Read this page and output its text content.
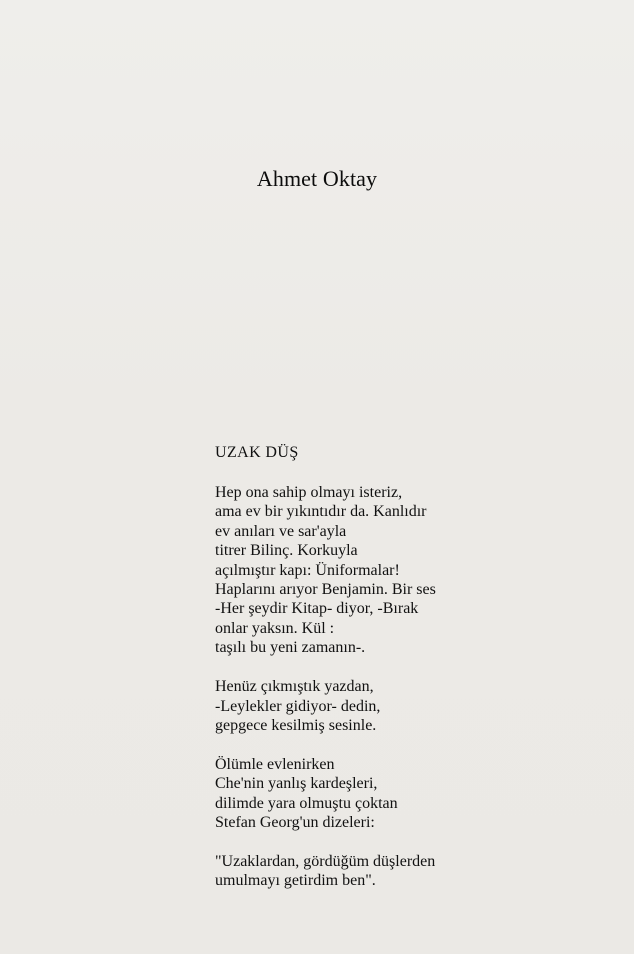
Ahmet Oktay
UZAK DÜŞ
Hep ona sahip olmayı isteriz,
ama ev bir yıkıntıdır da. Kanlıdır
ev anıları ve sar'ayla
titrer Bilinç. Korkuyla
açılmıştır kapı: Üniformalar!
Haplarını arıyor Benjamin. Bir ses
-Her şeydir Kitap- diyor, -Bırak
onlar yaksın. Kül :
taşılı bu yeni zamanın-.
Henüz çıkmıştık yazdan,
-Leylekler gidiyor- dedin,
gepgece kesilmiş sesinle.
Ölümle evlenirken
Che'nin yanlış kardeşleri,
dilimde yara olmuştu çoktan
Stefan Georg'un dizeleri:
"Uzaklardan, gördüğüm düşlerden
umulmayı getirdim ben".
